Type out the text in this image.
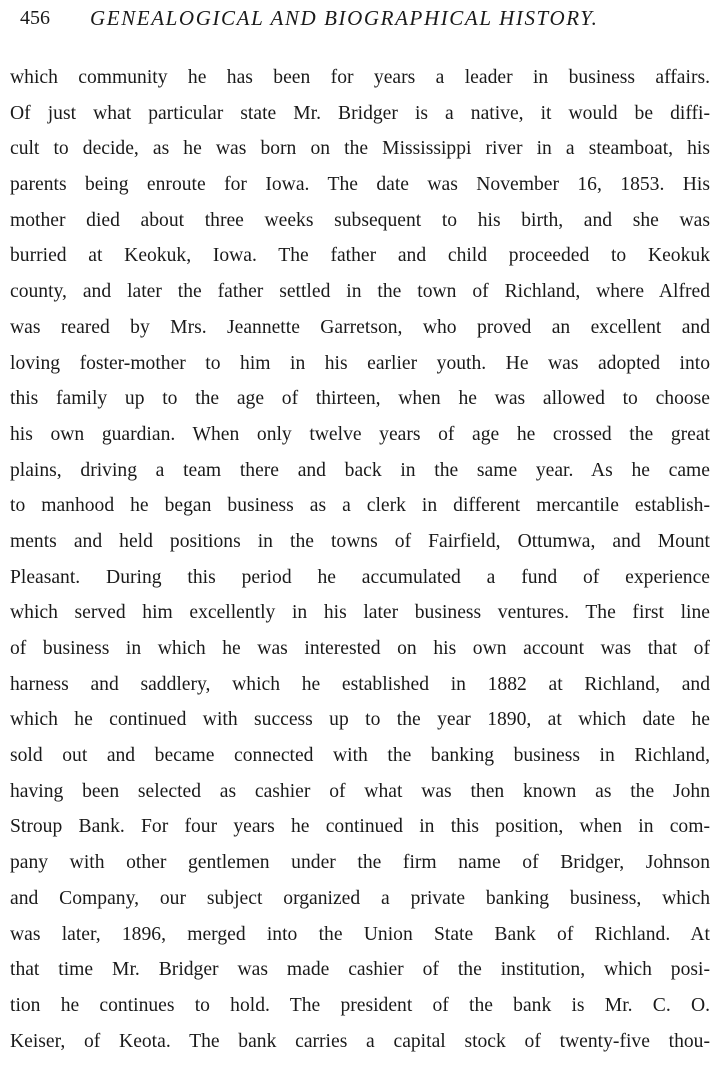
456 GENEALOGICAL AND BIOGRAPHICAL HISTORY.
which community he has been for years a leader in business affairs.
Of just what particular state Mr. Bridger is a native, it would be diffi-
cult to decide, as he was born on the Mississippi river in a steamboat, his
parents being enroute for Iowa. The date was November 16, 1853. His
mother died about three weeks subsequent to his birth, and she was
burried at Keokuk, Iowa. The father and child proceeded to Keokuk
county, and later the father settled in the town of Richland, where Alfred
was reared by Mrs. Jeannette Garretson, who proved an excellent and
loving foster-mother to him in his earlier youth. He was adopted into
this family up to the age of thirteen, when he was allowed to choose
his own guardian. When only twelve years of age he crossed the great
plains, driving a team there and back in the same year. As he came
to manhood he began business as a clerk in different mercantile establish-
ments and held positions in the towns of Fairfield, Ottumwa, and Mount
Pleasant. During this period he accumulated a fund of experience
which served him excellently in his later business ventures. The first line
of business in which he was interested on his own account was that of
harness and saddlery, which he established in 1882 at Richland, and
which he continued with success up to the year 1890, at which date he
sold out and became connected with the banking business in Richland,
having been selected as cashier of what was then known as the John
Stroup Bank. For four years he continued in this position, when in com-
pany with other gentlemen under the firm name of Bridger, Johnson
and Company, our subject organized a private banking business, which
was later, 1896, merged into the Union State Bank of Richland. At
that time Mr. Bridger was made cashier of the institution, which posi-
tion he continues to hold. The president of the bank is Mr. C. O.
Keiser, of Keota. The bank carries a capital stock of twenty-five thou-
